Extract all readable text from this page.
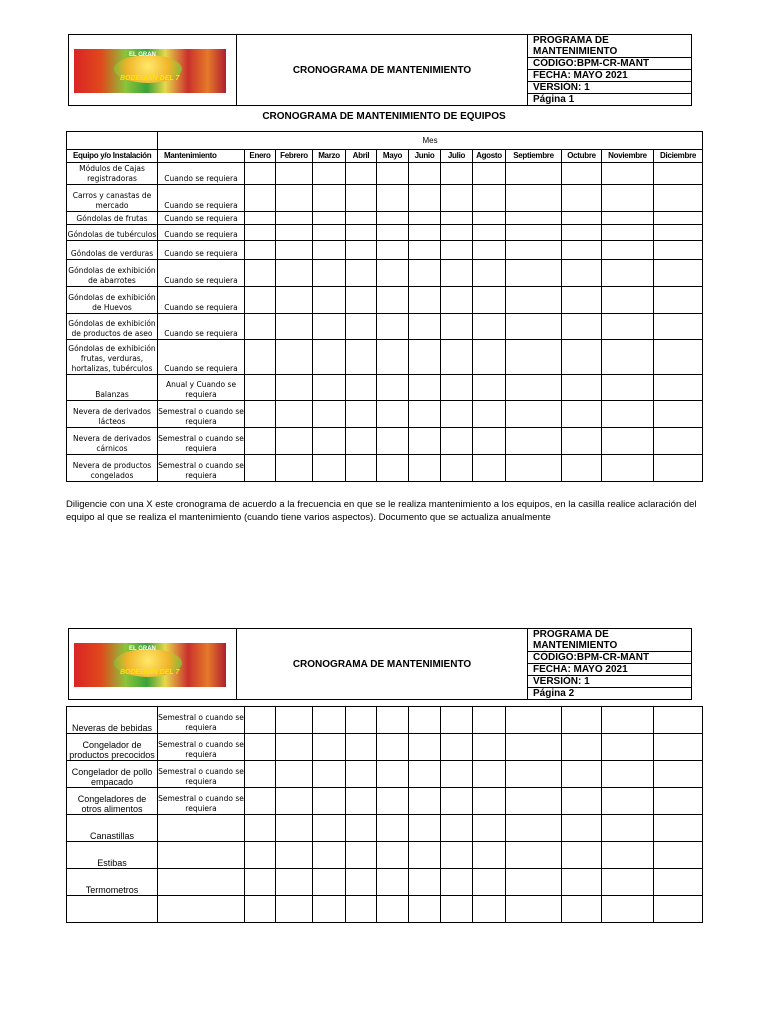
EL GRAN
BODEGUÍN DEL 7
	CRONOGRAMA DE MANTENIMIENTO	PROGRAMA DE MANTENIMIENTO
CÓDIGO:BPM-CR-MANT
FECHA: MAYO 2021
VERSIÓN: 1
Página 1
CRONOGRAMA DE MANTENIMIENTO DE EQUIPOS
	Mes												
Equipo y/o Instalación	Mantenimiento	Enero	Febrero	Marzo	Abril	Mayo	Junio	Julio	Agosto	Septiembre	Octubre	Noviembre	Diciembre
Módulos de Cajas registradoras	Cuando se requiera												
Carros y canastas de mercado	Cuando se requiera												
Góndolas de frutas	Cuando se requiera												
Góndolas de tubérculos	Cuando se requiera												
Góndolas de verduras	Cuando se requiera												
Góndolas de exhibición de abarrotes	Cuando se requiera												
Góndolas de exhibición de Huevos	Cuando se requiera												
Góndolas de exhibición de productos de aseo	Cuando se requiera												
Góndolas de exhibición frutas, verduras, hortalizas, tubérculos	Cuando se requiera												
Balanzas	Anual y Cuando se requiera												
Nevera de derivados lácteos	Semestral o cuando se requiera												
Nevera de derivados cárnicos	Semestral o cuando se requiera												
Nevera de productos congelados	Semestral o cuando se requiera												
Diligencie con una X este cronograma de acuerdo a la frecuencia en que se le realiza mantenimiento a los equipos, en la casilla realice aclaración del equipo al que se realiza el mantenimiento (cuando tiene varios aspectos). Documento que se actualiza anualmente
EL GRAN
BODEGUÍN DEL 7
	CRONOGRAMA DE MANTENIMIENTO	PROGRAMA DE MANTENIMIENTO
CÓDIGO:BPM-CR-MANT
FECHA: MAYO 2021
VERSIÓN: 1
Página 2
Neveras de bebidas	Semestral o cuando se requiera												
Congelador de productos precocidos	Semestral o cuando se requiera												
Congelador de pollo empacado	Semestral o cuando se requiera												
Congeladores de otros alimentos	Semestral o cuando se requiera												
Canastillas													
Estibas													
Termometros													
